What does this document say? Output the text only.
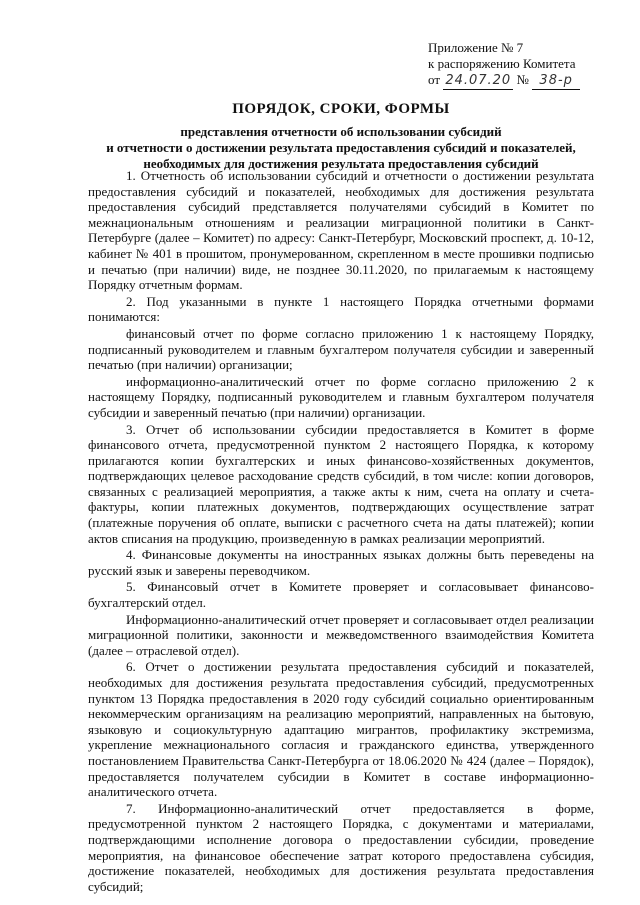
Приложение № 7
к распоряжению Комитета
от 24.07.20 № 38-р
ПОРЯДОК, СРОКИ, ФОРМЫ
представления отчетности об использовании субсидий
и отчетности о достижении результата предоставления субсидий и показателей,
необходимых для достижения результата предоставления субсидий

1. Отчетность об использовании субсидий и отчетности о достижении результата предоставления субсидий и показателей, необходимых для достижения результата предоставления субсидий представляется получателями субсидий в Комитет по межнациональным отношениям и реализации миграционной политики в Санкт-Петербурге (далее – Комитет) по адресу: Санкт-Петербург, Московский проспект, д. 10-12, кабинет № 401 в прошитом, пронумерованном, скрепленном в месте прошивки подписью и печатью (при наличии) виде, не позднее 30.11.2020, по прилагаемым к настоящему Порядку отчетным формам.

2. Под указанными в пункте 1 настоящего Порядка отчетными формами понимаются:

финансовый отчет по форме согласно приложению 1 к настоящему Порядку, подписанный руководителем и главным бухгалтером получателя субсидии и заверенный печатью (при наличии) организации;

информационно-аналитический отчет по форме согласно приложению 2 к настоящему Порядку, подписанный руководителем и главным бухгалтером получателя субсидии и заверенный печатью (при наличии) организации.

3. Отчет об использовании субсидии предоставляется в Комитет в форме финансового отчета, предусмотренной пунктом 2 настоящего Порядка, к которому прилагаются копии бухгалтерских и иных финансово-хозяйственных документов, подтверждающих целевое расходование средств субсидий, в том числе: копии договоров, связанных с реализацией мероприятия, а также акты к ним, счета на оплату и счета-фактуры, копии платежных документов, подтверждающих осуществление затрат (платежные поручения об оплате, выписки с расчетного счета на даты платежей); копии актов списания на продукцию, произведенную в рамках реализации мероприятий.

4. Финансовые документы на иностранных языках должны быть переведены на русский язык и заверены переводчиком.

5. Финансовый отчет в Комитете проверяет и согласовывает финансово-бухгалтерский отдел.

Информационно-аналитический отчет проверяет и согласовывает отдел реализации миграционной политики, законности и межведомственного взаимодействия Комитета (далее – отраслевой отдел).

6. Отчет о достижении результата предоставления субсидий и показателей, необходимых для достижения результата предоставления субсидий, предусмотренных пунктом 13 Порядка предоставления в 2020 году субсидий социально ориентированным некоммерческим организациям на реализацию мероприятий, направленных на бытовую, языковую и социокультурную адаптацию мигрантов, профилактику экстремизма, укрепление межнационального согласия и гражданского единства, утвержденного постановлением Правительства Санкт-Петербурга от 18.06.2020 № 424 (далее – Порядок), предоставляется получателем субсидии в Комитет в составе информационно-аналитического отчета.

7. Информационно-аналитический отчет предоставляется в форме, предусмотренной пунктом 2 настоящего Порядка, с документами и материалами, подтверждающими исполнение договора о предоставлении субсидии, проведение мероприятия, на финансовое обеспечение затрат которого предоставлена субсидия, достижение показателей, необходимых для достижения результата предоставления субсидий;
